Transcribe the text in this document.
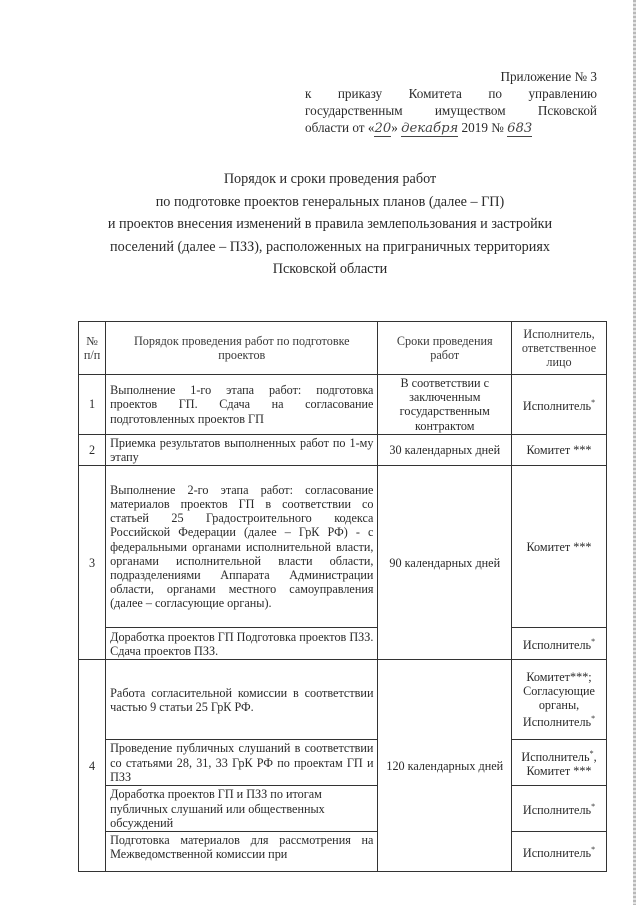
Приложение № 3
к приказу Комитета по управлению
государственным имуществом Псковской
области от «20» декабря 2019 № 683
Порядок и сроки проведения работ
по подготовке проектов генеральных планов (далее – ГП)
и проектов внесения изменений в правила землепользования и застройки
поселений (далее – ПЗЗ), расположенных на приграничных территориях
Псковской области
№ п/п	Порядок проведения работ по подготовке проектов	Сроки проведения работ	Исполнитель, ответственное лицо
1	Выполнение 1-го этапа работ: подготовка проектов ГП. Сдача на согласование подготовленных проектов ГП	В соответствии с заключенным государственным контрактом	Исполнитель*
2	Приемка результатов выполненных работ по 1-му этапу	30 календарных дней	Комитет ***
3	Выполнение 2-го этапа работ: согласование материалов проектов ГП в соответствии со статьей 25 Градостроительного кодекса Российской Федерации (далее – ГрК РФ) - с федеральными органами исполнительной власти, органами исполнительной власти области, подразделениями Аппарата Администрации области, органами местного самоуправления (далее – согласующие органы).	90 календарных дней	Комитет ***
	Доработка проектов ГП Подготовка проектов ПЗЗ. Сдача проектов ПЗЗ.		Исполнитель*
4	Работа согласительной комиссии в соответствии частью 9 статьи 25 ГрК РФ.	120 календарных дней	Комитет***; Согласующие органы, Исполнитель*
	Проведение публичных слушаний в соответствии со статьями 28, 31, 33 ГрК РФ по проектам ГП и ПЗЗ		Исполнитель*,
Комитет ***
	Доработка проектов ГП и ПЗЗ по итогам публичных слушаний или общественных обсуждений		Исполнитель*
	Подготовка материалов для рассмотрения на Межведомственной комиссии при		Исполнитель*
